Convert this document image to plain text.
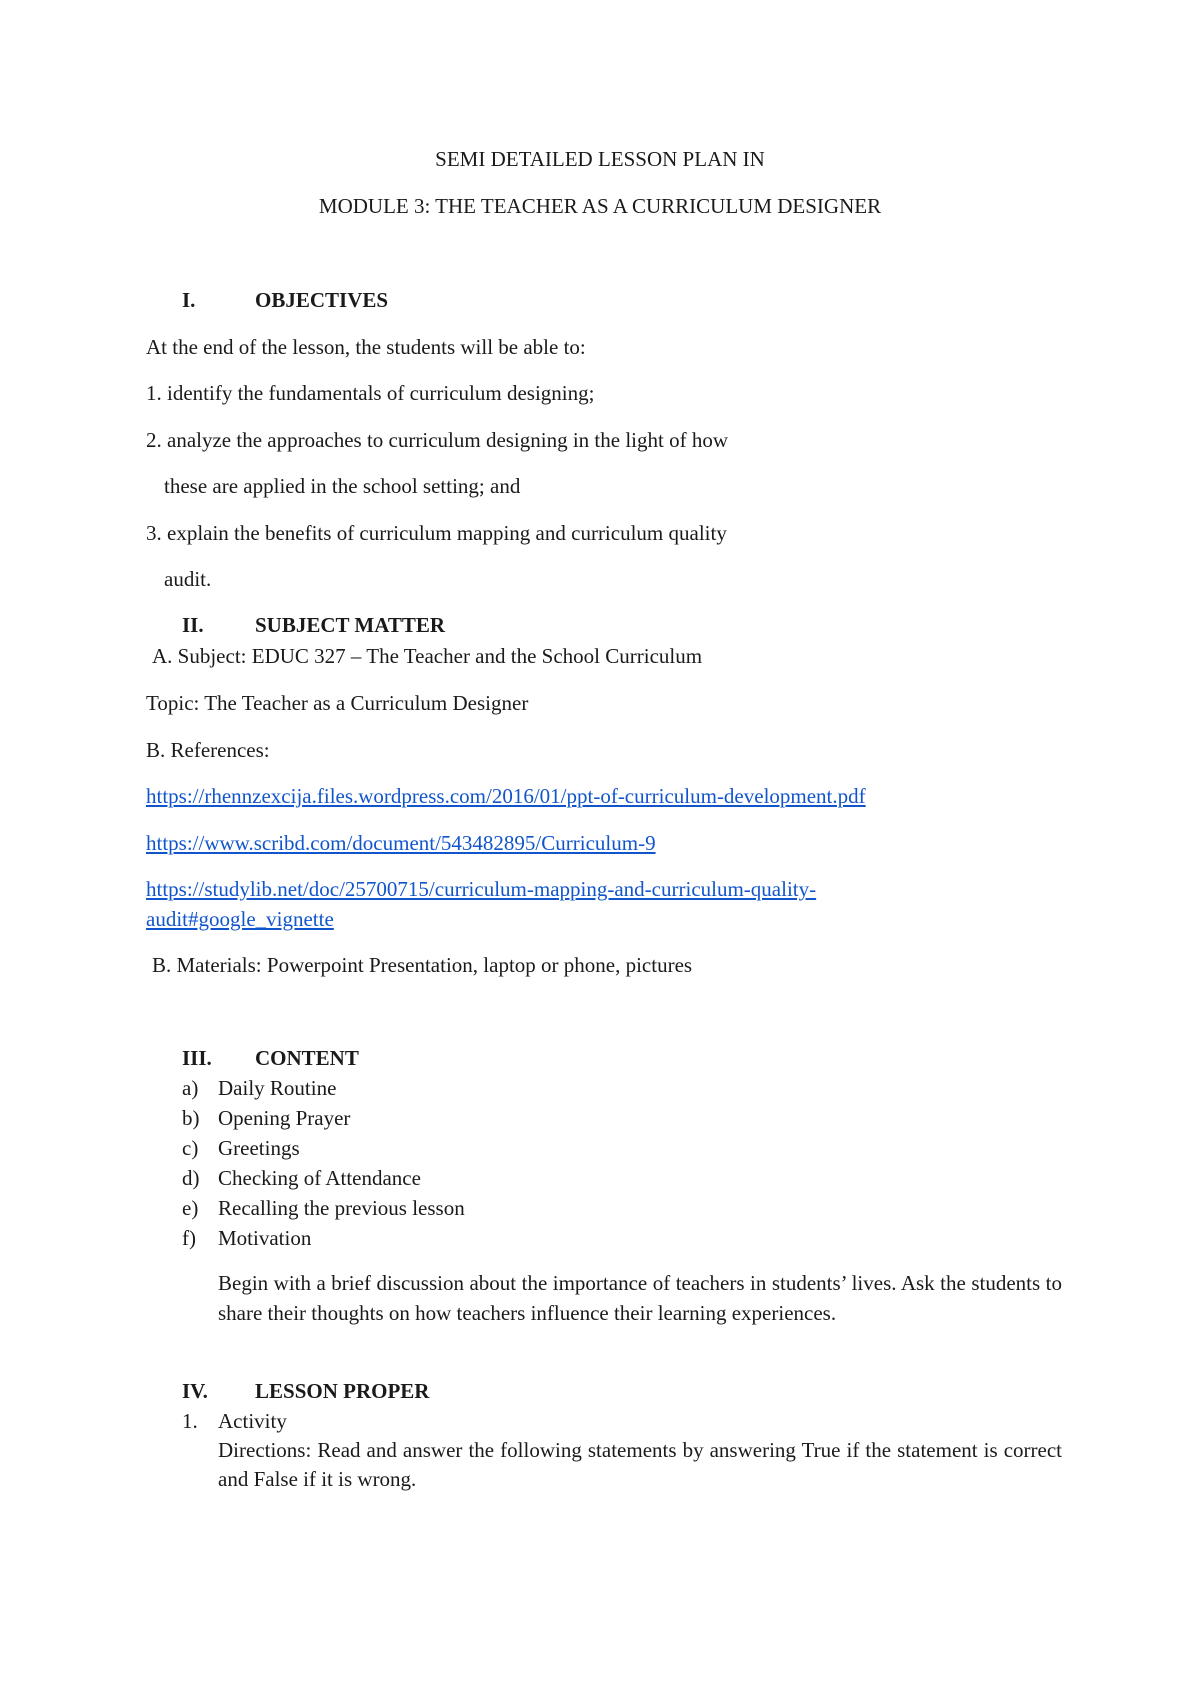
SEMI DETAILED LESSON PLAN IN
MODULE 3: THE TEACHER AS A CURRICULUM DESIGNER
I.	OBJECTIVES
At the end of the lesson, the students will be able to:
1. identify the fundamentals of curriculum designing;
2. analyze the approaches to curriculum designing in the light of how
these are applied in the school setting; and
3. explain the benefits of curriculum mapping and curriculum quality
audit.
II. SUBJECT MATTER
A. Subject: EDUC 327 – The Teacher and the School Curriculum
Topic: The Teacher as a Curriculum Designer
B. References:
https://rhennzexcija.files.wordpress.com/2016/01/ppt-of-curriculum-development.pdf
https://www.scribd.com/document/543482895/Curriculum-9
https://studylib.net/doc/25700715/curriculum-mapping-and-curriculum-quality-
audit#google_vignette
B. Materials: Powerpoint Presentation, laptop or phone, pictures
III. CONTENT
a) Daily Routine
b) Opening Prayer
c) Greetings
d) Checking of Attendance
e) Recalling the previous lesson
f) Motivation
Begin with a brief discussion about the importance of teachers in students’ lives. Ask the students to share their thoughts on how teachers influence their learning experiences.
IV. LESSON PROPER
1. Activity
Directions: Read and answer the following statements by answering True if the statement is correct and False if it is wrong.
